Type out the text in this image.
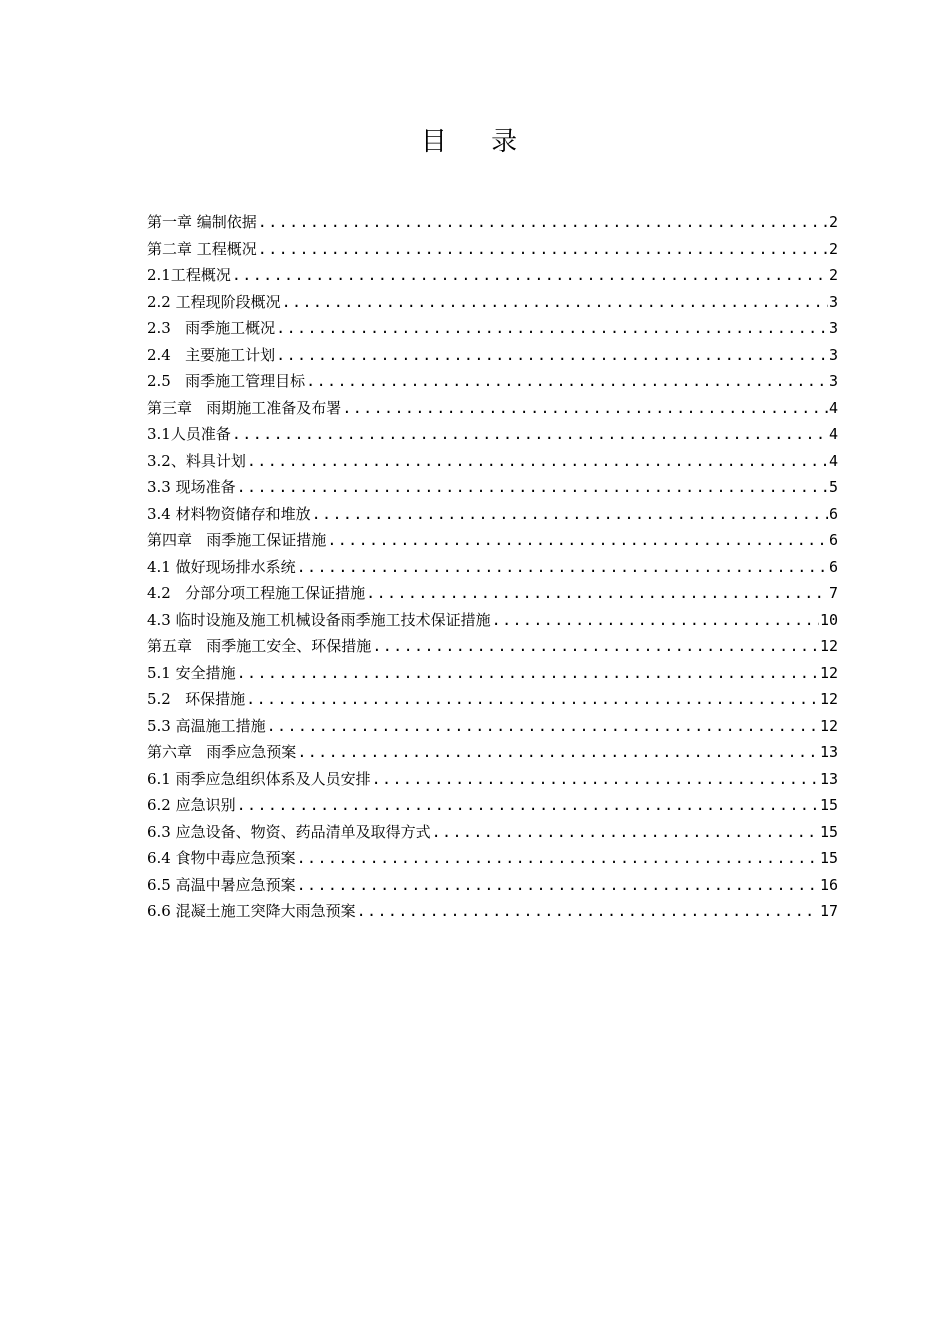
目 录
第一章 编制依据 .....	2
第二章 工程概况 .....	2
2.1工程概况 .....	2
2.2 工程现阶段概况 .....	3
2.3   雨季施工概况 .....	3
2.4   主要施工计划 .....	3
2.5   雨季施工管理目标 .....	3
第三章   雨期施工准备及布署 .....	4
3.1人员准备 .....	4
3.2、料具计划 .....	4
3.3 现场准备 .....	5
3.4 材料物资储存和堆放 .....	6
第四章   雨季施工保证措施 .....	6
4.1 做好现场排水系统 .....	6
4.2   分部分项工程施工保证措施 .....	7
4.3 临时设施及施工机械设备雨季施工技术保证措施 .....	10
第五章   雨季施工安全、环保措施 .....	12
5.1 安全措施 .....	12
5.2   环保措施 .....	12
5.3 高温施工措施 .....	12
第六章   雨季应急预案 .....	13
6.1 雨季应急组织体系及人员安排 .....	13
6.2 应急识别 .....	15
6.3 应急设备、物资、药品清单及取得方式 .....	15
6.4 食物中毒应急预案 .....	15
6.5 高温中暑应急预案 .....	16
6.6 混凝土施工突降大雨急预案 .....	17
